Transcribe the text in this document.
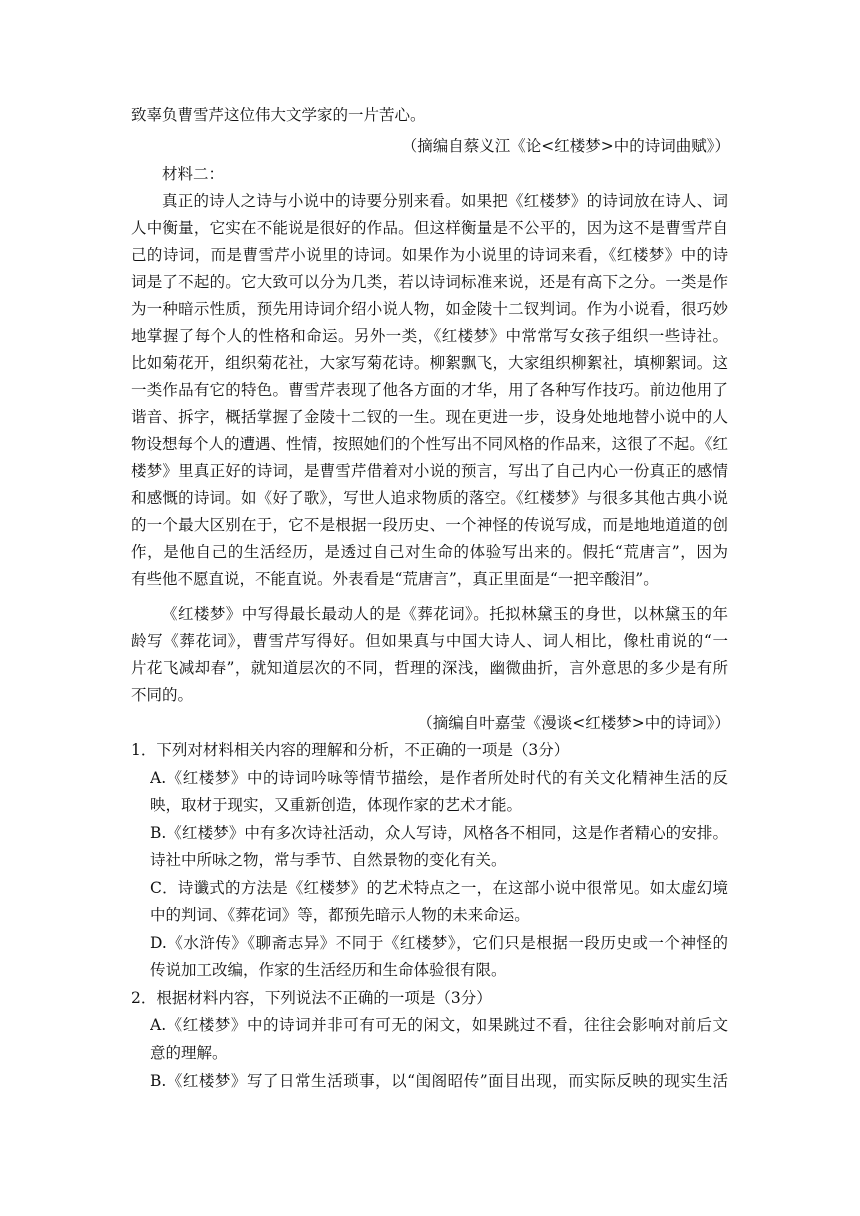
致辜负曹雪芹这位伟大文学家的一片苦心。
（摘编自蔡义江《论<红楼梦>中的诗词曲赋》）
材料二：
真正的诗人之诗与小说中的诗要分别来看。如果把《红楼梦》的诗词放在诗人、词
人中衡量，它实在不能说是很好的作品。但这样衡量是不公平的，因为这不是曹雪芹自
己的诗词，而是曹雪芹小说里的诗词。如果作为小说里的诗词来看，《红楼梦》中的诗
词是了不起的。它大致可以分为几类，若以诗词标准来说，还是有高下之分。一类是作
为一种暗示性质，预先用诗词介绍小说人物，如金陵十二钗判词。作为小说看，很巧妙
地掌握了每个人的性格和命运。另外一类，《红楼梦》中常常写女孩子组织一些诗社。
比如菊花开，组织菊花社，大家写菊花诗。柳絮飘飞，大家组织柳絮社，填柳絮词。这
一类作品有它的特色。曹雪芹表现了他各方面的才华，用了各种写作技巧。前边他用了
谐音、拆字，概括掌握了金陵十二钗的一生。现在更进一步，设身处地地替小说中的人
物设想每个人的遭遇、性情，按照她们的个性写出不同风格的作品来，这很了不起。《红
楼梦》里真正好的诗词，是曹雪芹借着对小说的预言，写出了自己内心一份真正的感情
和感慨的诗词。如《好了歌》，写世人追求物质的落空。《红楼梦》与很多其他古典小说
的一个最大区别在于，它不是根据一段历史、一个神怪的传说写成，而是地地道道的创
作，是他自己的生活经历，是透过自己对生命的体验写出来的。假托“荒唐言”，因为
有些他不愿直说，不能直说。外表看是“荒唐言”，真正里面是“一把辛酸泪”。
《红楼梦》中写得最长最动人的是《葬花词》。托拟林黛玉的身世，以林黛玉的年
龄写《葬花词》，曹雪芹写得好。但如果真与中国大诗人、词人相比，像杜甫说的“一
片花飞减却春”，就知道层次的不同，哲理的深浅，幽微曲折，言外意思的多少是有所
不同的。
（摘编自叶嘉莹《漫谈<红楼梦>中的诗词》）
1．下列对材料相关内容的理解和分析，不正确的一项是（3分）
A.《红楼梦》中的诗词吟咏等情节描绘，是作者所处时代的有关文化精神生活的反
映，取材于现实，又重新创造，体现作家的艺术才能。
B.《红楼梦》中有多次诗社活动，众人写诗，风格各不相同，这是作者精心的安排。
诗社中所咏之物，常与季节、自然景物的变化有关。
C．诗谶式的方法是《红楼梦》的艺术特点之一，在这部小说中很常见。如太虚幻境
中的判词、《葬花词》等，都预先暗示人物的未来命运。
D.《水浒传》《聊斋志异》不同于《红楼梦》，它们只是根据一段历史或一个神怪的
传说加工改编，作家的生活经历和生命体验很有限。
2．根据材料内容，下列说法不正确的一项是（3分）
A.《红楼梦》中的诗词并非可有可无的闲文，如果跳过不看，往往会影响对前后文
意的理解。
B.《红楼梦》写了日常生活琐事，以“闺阁昭传”面目出现，而实际反映的现实生活
